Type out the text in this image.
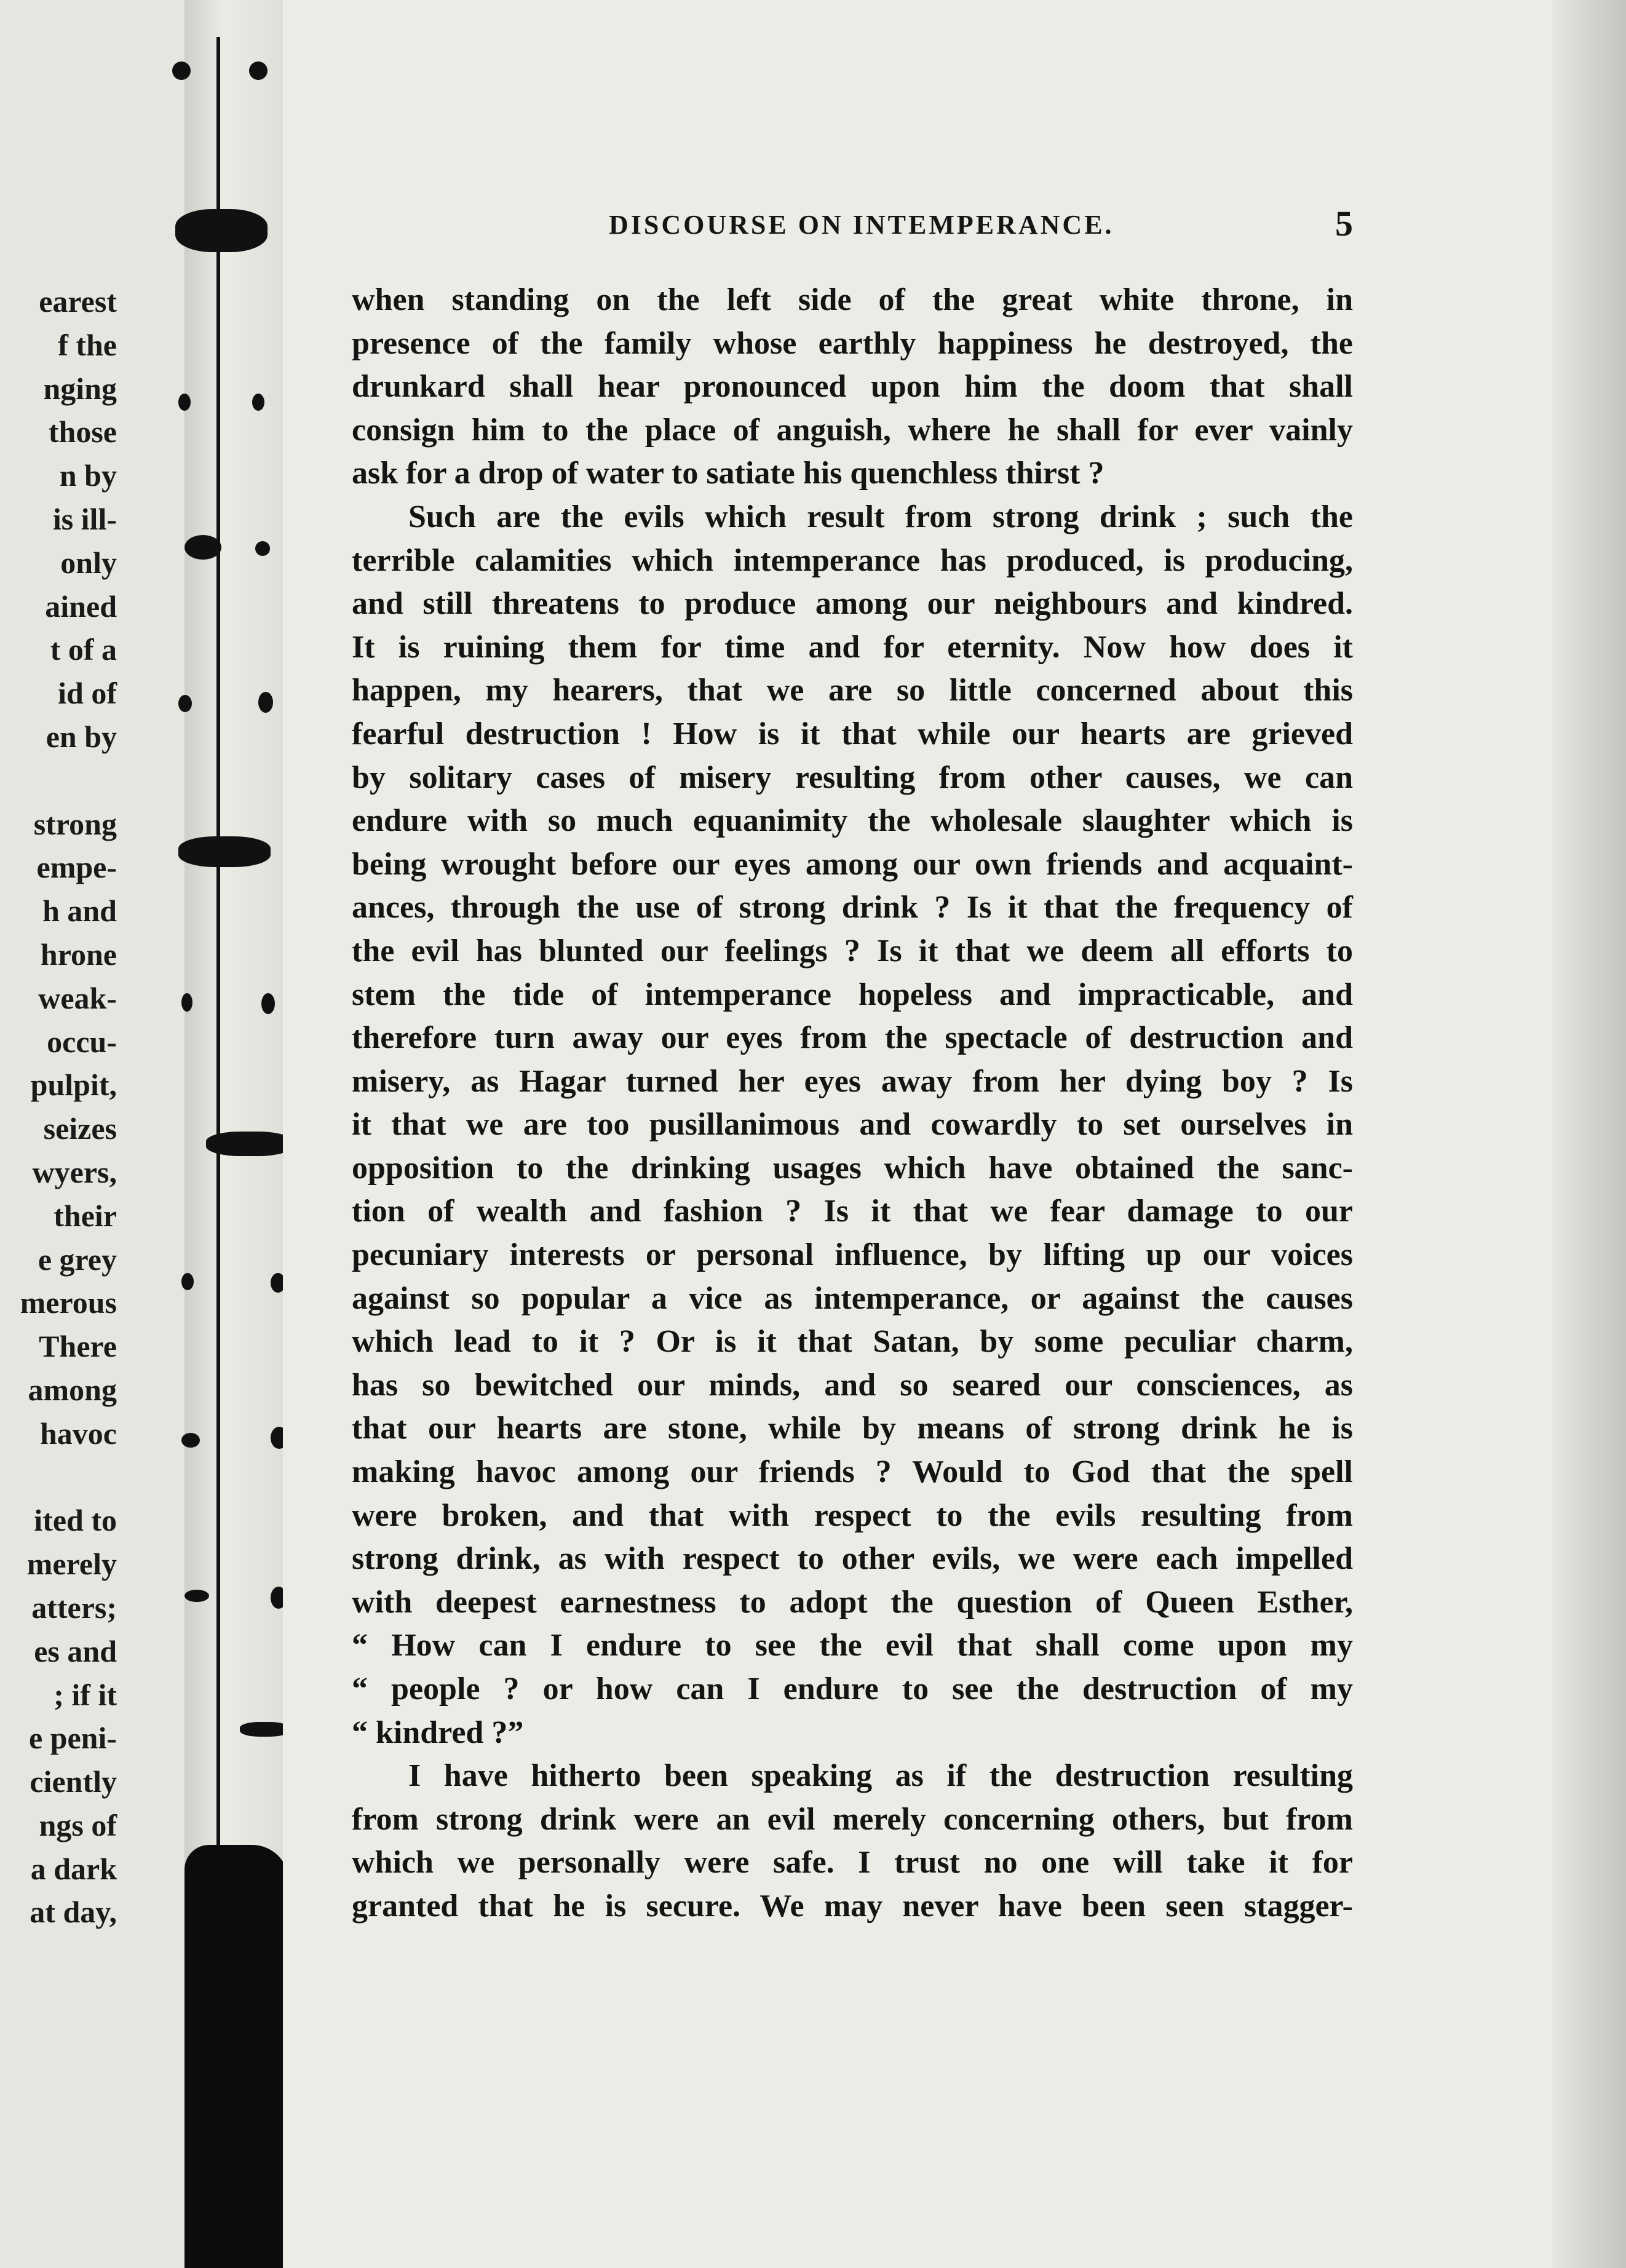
earest
f the
nging
those
n by
is ill-
only
ained
t of a
id of
en by

strong
empe-
h and
hrone
weak-
occu-
pulpit,
seizes
wyers,
their
e grey
merous
There
among
havoc

ited to
merely
atters;
es and
; if it
e peni-
ciently
ngs of
a dark
at day,
DISCOURSE ON INTEMPERANCE.	5
when standing on the left side of the great white throne, in
presence of the family whose earthly happiness he destroyed, the
drunkard shall hear pronounced upon him the doom that shall
consign him to the place of anguish, where he shall for ever vainly
ask for a drop of water to satiate his quenchless thirst ?
Such are the evils which result from strong drink ; such the
terrible calamities which intemperance has produced, is producing,
and still threatens to produce among our neighbours and kindred.
It is ruining them for time and for eternity. Now how does it
happen, my hearers, that we are so little concerned about this
fearful destruction ! How is it that while our hearts are grieved
by solitary cases of misery resulting from other causes, we can
endure with so much equanimity the wholesale slaughter which is
being wrought before our eyes among our own friends and acquaint-
ances, through the use of strong drink ? Is it that the frequency of
the evil has blunted our feelings ? Is it that we deem all efforts to
stem the tide of intemperance hopeless and impracticable, and
therefore turn away our eyes from the spectacle of destruction and
misery, as Hagar turned her eyes away from her dying boy ? Is
it that we are too pusillanimous and cowardly to set ourselves in
opposition to the drinking usages which have obtained the sanc-
tion of wealth and fashion ? Is it that we fear damage to our
pecuniary interests or personal influence, by lifting up our voices
against so popular a vice as intemperance, or against the causes
which lead to it ? Or is it that Satan, by some peculiar charm,
has so bewitched our minds, and so seared our consciences, as
that our hearts are stone, while by means of strong drink he is
making havoc among our friends ? Would to God that the spell
were broken, and that with respect to the evils resulting from
strong drink, as with respect to other evils, we were each impelled
with deepest earnestness to adopt the question of Queen Esther,
“ How can I endure to see the evil that shall come upon my
“ people ? or how can I endure to see the destruction of my
“ kindred ?”
I have hitherto been speaking as if the destruction resulting
from strong drink were an evil merely concerning others, but from
which we personally were safe. I trust no one will take it for
granted that he is secure. We may never have been seen stagger-
